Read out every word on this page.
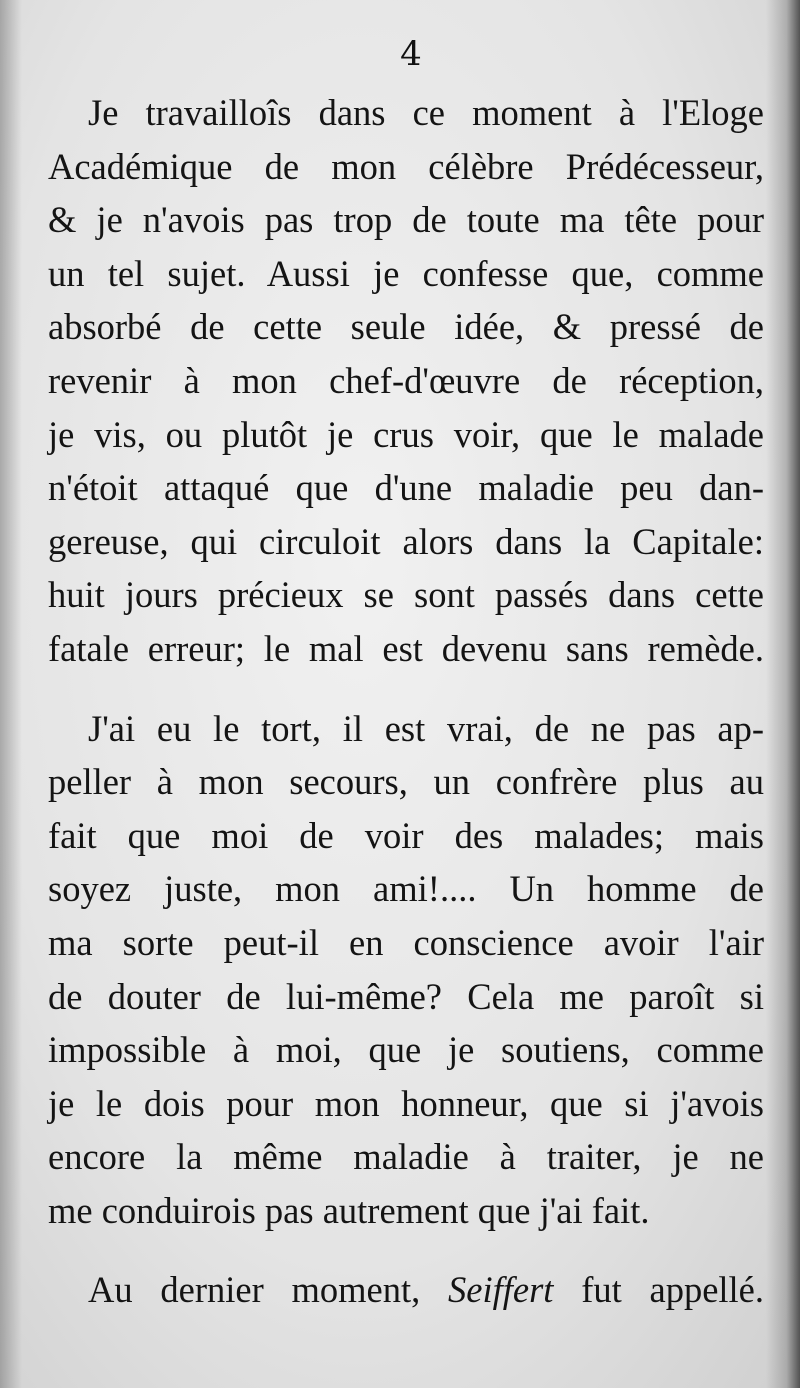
4
Je travailloîs dans ce moment à l'Eloge
Académique de mon célèbre Prédécesseur,
& je n'avois pas trop de toute ma tête pour
un tel sujet. Aussi je confesse que, comme
absorbé de cette seule idée, & pressé de
revenir à mon chef-d'œuvre de réception,
je vis, ou plutôt je crus voir, que le malade
n'étoit attaqué que d'une maladie peu dan-
gereuse, qui circuloit alors dans la Capitale:
huit jours précieux se sont passés dans cette
fatale erreur; le mal est devenu sans remède.
J'ai eu le tort, il est vrai, de ne pas ap-
peller à mon secours, un confrère plus au
fait que moi de voir des malades; mais
soyez juste, mon ami!.... Un homme de
ma sorte peut-il en conscience avoir l'air
de douter de lui-même? Cela me paroît si
impossible à moi, que je soutiens, comme
je le dois pour mon honneur, que si j'avois
encore la même maladie à traiter, je ne
me conduirois pas autrement que j'ai fait.
Au dernier moment, Seiffert fut appellé.
